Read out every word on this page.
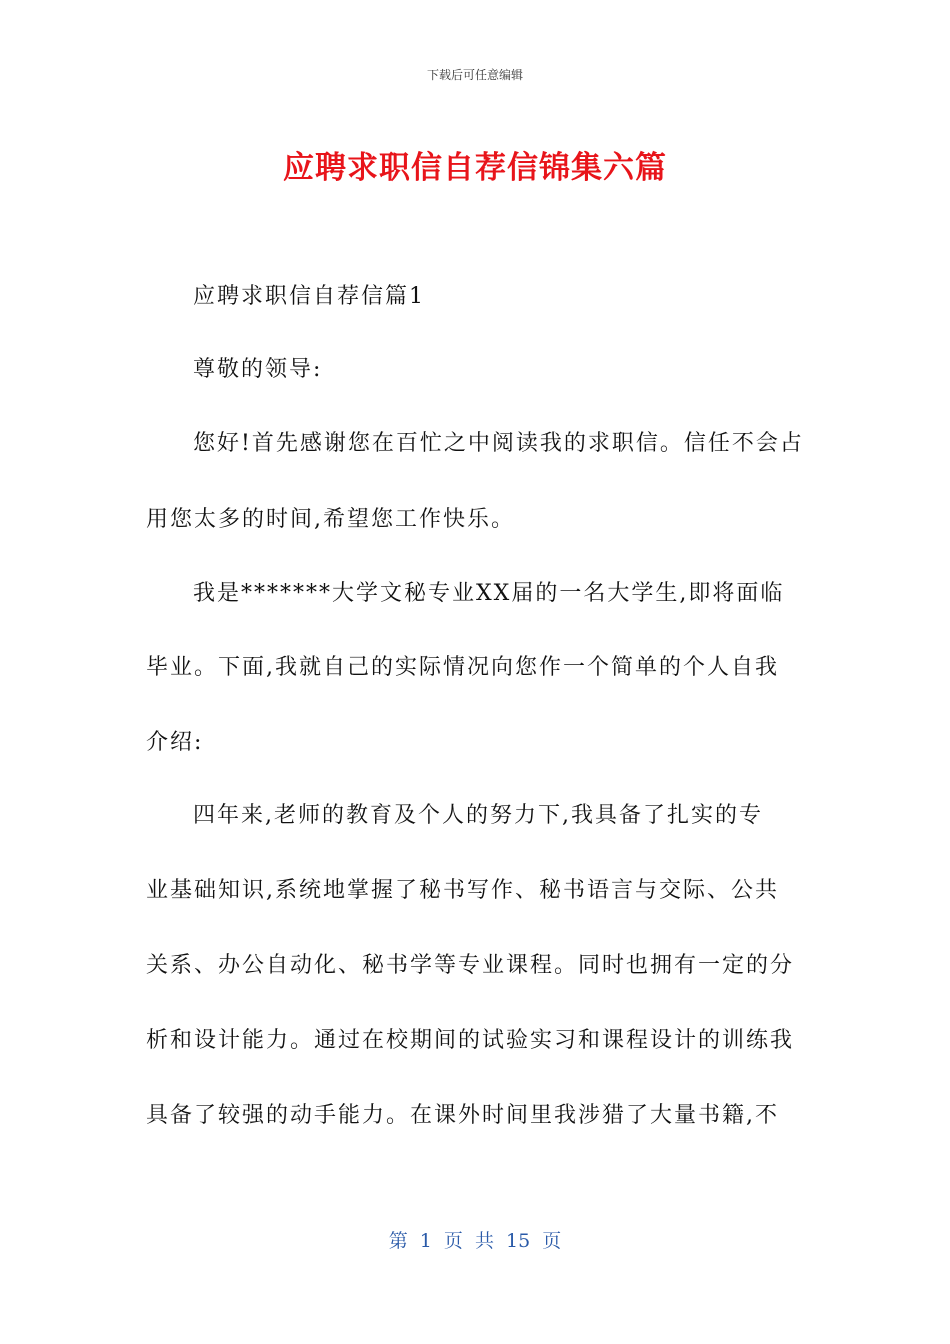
下载后可任意编辑
应聘求职信自荐信锦集六篇
应聘求职信自荐信篇1
尊敬的领导:
您好!首先感谢您在百忙之中阅读我的求职信。信任不会占
用您太多的时间,希望您工作快乐。
我是*******大学文秘专业XX届的一名大学生,即将面临
毕业。下面,我就自己的实际情况向您作一个简单的个人自我
介绍:
四年来,老师的教育及个人的努力下,我具备了扎实的专
业基础知识,系统地掌握了秘书写作、秘书语言与交际、公共
关系、办公自动化、秘书学等专业课程。同时也拥有一定的分
析和设计能力。通过在校期间的试验实习和课程设计的训练我
具备了较强的动手能力。在课外时间里我涉猎了大量书籍,不
第 1 页 共 15 页
